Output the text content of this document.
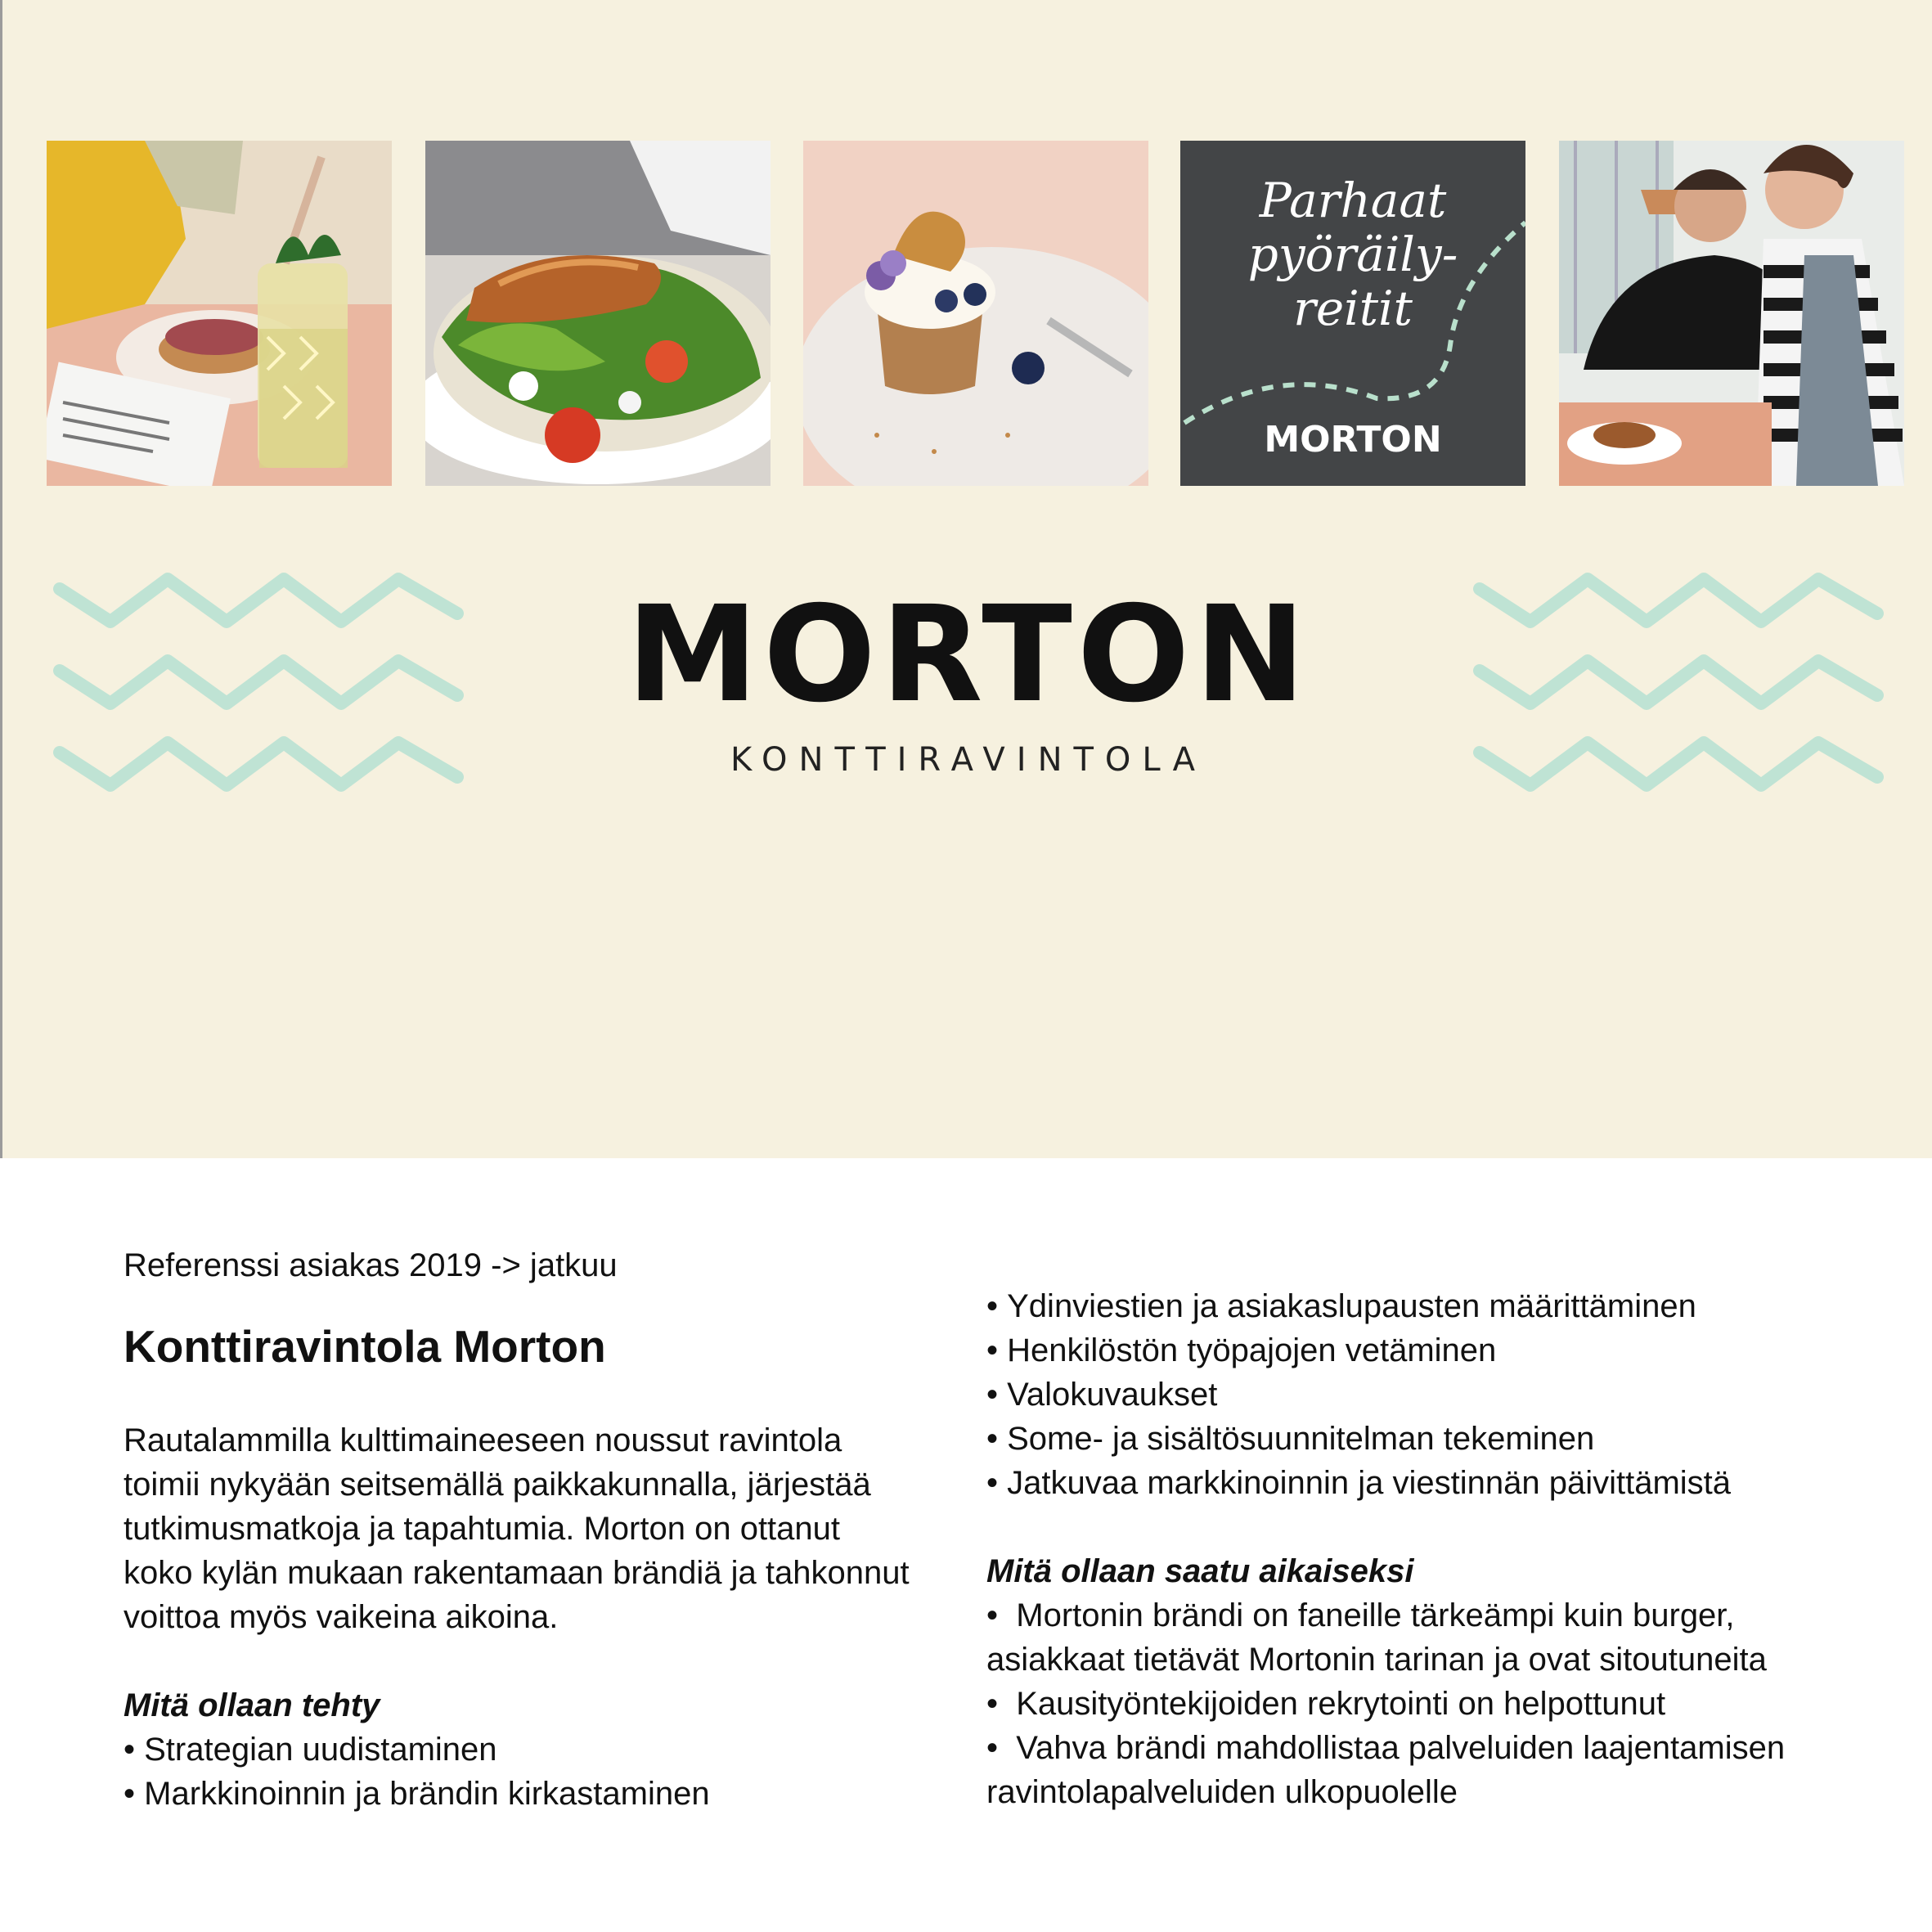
Parhaat
pyöräily-
reitit
MORTON
MORTON
KONTTIRAVINTOLA

Referenssi asiakas 2019 -> jatkuu

Konttiravintola Morton

Rautalammilla kulttimaineeseen noussut ravintola
toimii nykyään seitsemällä paikkakunnalla, järjestää
tutkimusmatkoja ja tapahtumia. Morton on ottanut
koko kylän mukaan rakentamaan brändiä ja tahkonnut
voittoa myös vaikeina aikoina.

Mitä ollaan tehty

• Strategian uudistaminen
• Markkinoinnin ja brändin kirkastaminen
• Ydinviestien ja asiakaslupausten määrittäminen
• Henkilöstön työpajojen vetäminen
• Valokuvaukset
• Some- ja sisältösuunnitelman tekeminen
• Jatkuvaa markkinoinnin ja viestinnän päivittämistä

Mitä ollaan saatu aikaiseksi

• Mortonin brändi on faneille tärkeämpi kuin burger,
asiakkaat tietävät Mortonin tarinan ja ovat sitoutuneita
• Kausityöntekijoiden rekrytointi on helpottunut
• Vahva brändi mahdollistaa palveluiden laajentamisen
ravintolapalveluiden ulkopuolelle
